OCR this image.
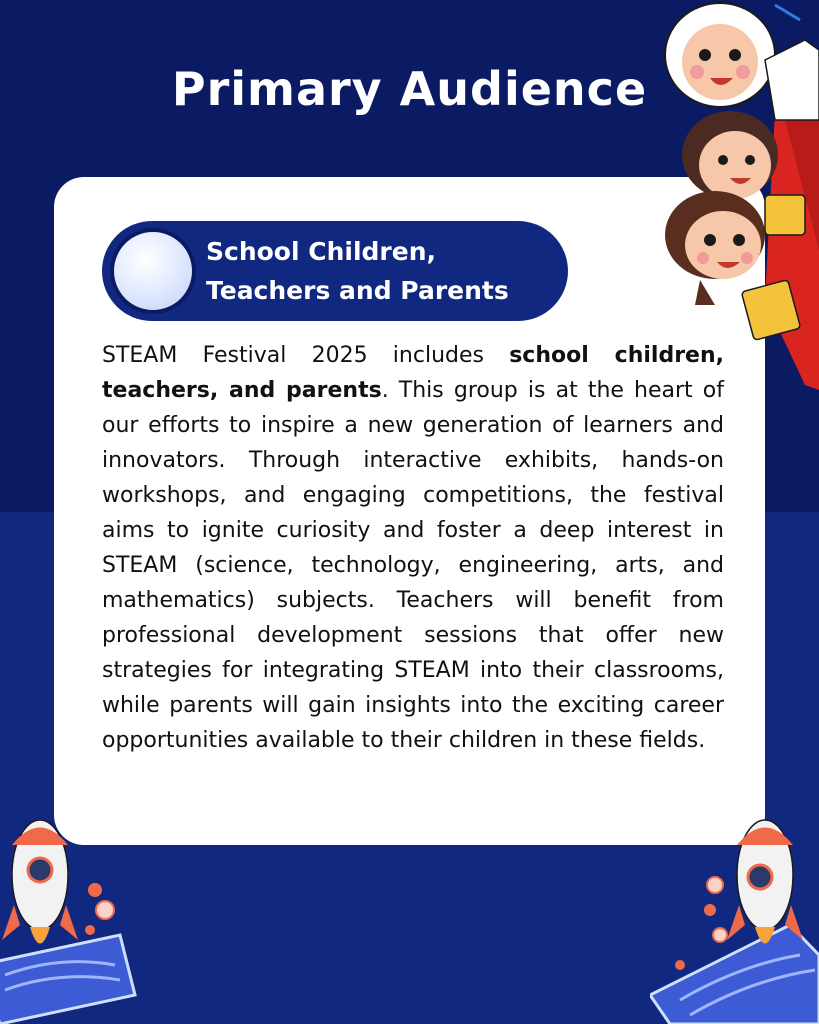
Primary Audience
School Children,
Teachers and Parents

STEAM Festival 2025 includes school children, teachers, and parents. This group is at the heart of our efforts to inspire a new generation of learners and innovators. Through interactive exhibits, hands-on workshops, and engaging competitions, the festival aims to ignite curiosity and foster a deep interest in STEAM (science, technology, engineering, arts, and mathematics) subjects. Teachers will benefit from professional development sessions that offer new strategies for integrating STEAM into their classrooms, while parents will gain insights into the exciting career opportunities available to their children in these fields.
